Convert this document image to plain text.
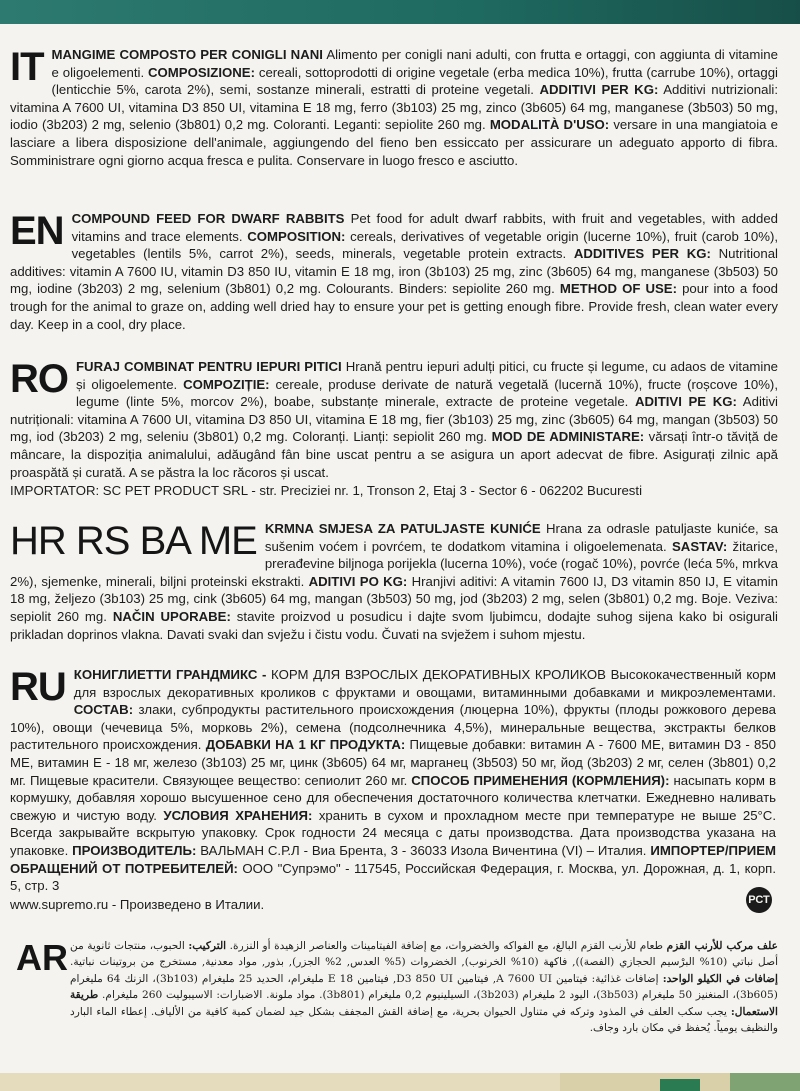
IT MANGIME COMPOSTO PER CONIGLI NANI Alimento per conigli nani adulti, con frutta e ortaggi, con aggiunta di vitamine e oligoelementi. COMPOSIZIONE: cereali, sottoprodotti di origine vegetale (erba medica 10%), frutta (carrube 10%), ortaggi (lenticchie 5%, carota 2%), semi, sostanze minerali, estratti di proteine vegetali. ADDITIVI PER KG: Additivi nutrizionali: vitamina A 7600 UI, vitamina D3 850 UI, vitamina E 18 mg, ferro (3b103) 25 mg, zinco (3b605) 64 mg, manganese (3b503) 50 mg, iodio (3b203) 2 mg, selenio (3b801) 0,2 mg. Coloranti. Leganti: sepiolite 260 mg. MODALITÀ D'USO: versare in una mangiatoia e lasciare a libera disposizione dell'animale, aggiungendo del fieno ben essiccato per assicurare un adeguato apporto di fibra. Somministrare ogni giorno acqua fresca e pulita. Conservare in luogo fresco e asciutto.
EN COMPOUND FEED FOR DWARF RABBITS Pet food for adult dwarf rabbits, with fruit and vegetables, with added vitamins and trace elements. COMPOSITION: cereals, derivatives of vegetable origin (lucerne 10%), fruit (carob 10%), vegetables (lentils 5%, carrot 2%), seeds, minerals, vegetable protein extracts. ADDITIVES PER KG: Nutritional additives: vitamin A 7600 IU, vitamin D3 850 IU, vitamin E 18 mg, iron (3b103) 25 mg, zinc (3b605) 64 mg, manganese (3b503) 50 mg, iodine (3b203) 2 mg, selenium (3b801) 0,2 mg. Colourants. Binders: sepiolite 260 mg. METHOD OF USE: pour into a food trough for the animal to graze on, adding well dried hay to ensure your pet is getting enough fibre. Provide fresh, clean water every day. Keep in a cool, dry place.
RO FURAJ COMBINAT PENTRU IEPURI PITICI Hrană pentru iepuri adulți pitici, cu fructe și legume, cu adaos de vitamine și oligoelemente. COMPOZIȚIE: cereale, produse derivate de natură vegetală (lucernă 10%), fructe (roșcove 10%), legume (linte 5%, morcov 2%), boabe, substanțe minerale, extracte de proteine vegetale. ADITIVI PE KG: Aditivi nutriționali: vitamina A 7600 UI, vitamina D3 850 UI, vitamina E 18 mg, fier (3b103) 25 mg, zinc (3b605) 64 mg, mangan (3b503) 50 mg, iod (3b203) 2 mg, seleniu (3b801) 0,2 mg. Coloranți. Lianți: sepiolit 260 mg. MOD DE ADMINISTARE: vărsați într-o tăviță de mâncare, la dispoziția animalului, adăugând fân bine uscat pentru a se asigura un aport adecvat de fibre. Asigurați zilnic apă proaspătă și curată. A se păstra la loc răcoros și uscat.
IMPORTATOR: SC PET PRODUCT SRL - str. Preciziei nr. 1, Tronson 2, Etaj 3 - Sector 6 - 062202 Bucuresti
HR RS BA ME KRMNA SMJESA ZA PATULJASTE KUNIĆE Hrana za odrasle patuljaste kuniće, sa sušenim voćem i povrćem, te dodatkom vitamina i oligoelemenata. SASTAV: žitarice, prerađevine biljnoga porijekla (lucerna 10%), voće (rogač 10%), povrće (leća 5%, mrkva 2%), sjemenke, minerali, biljni proteinski ekstrakti. ADITIVI PO KG: Hranjivi aditivi: A vitamin 7600 IJ, D3 vitamin 850 IJ, E vitamin 18 mg, željezo (3b103) 25 mg, cink (3b605) 64 mg, mangan (3b503) 50 mg, jod (3b203) 2 mg, selen (3b801) 0,2 mg. Boje. Veziva: sepiolit 260 mg. NAČIN UPORABE: stavite proizvod u posudicu i dajte svom ljubimcu, dodajte suhog sijena kako bi osigurali prikladan doprinos vlakna. Davati svaki dan svježu i čistu vodu. Čuvati na svježem i suhom mjestu.
RU КОНИГЛИЕТТИ ГРАНДМИКС - КОРМ ДЛЯ ВЗРОСЛЫХ ДЕКОРАТИВНЫХ КРОЛИКОВ Высококачественный корм для взрослых декоративных кроликов с фруктами и овощами, витаминными добавками и микроэлементами. СОСТАВ: злаки, субпродукты растительного происхождения (люцерна 10%), фрукты (плоды рожкового дерева 10%), овощи (чечевица 5%, морковь 2%), семена (подсолнечника 4,5%), минеральные вещества, экстракты белков растительного происхождения. ДОБАВКИ НА 1 КГ ПРОДУКТА: Пищевые добавки: витамин А - 7600 МЕ, витамин D3 - 850 МЕ, витамин Е - 18 мг, железо (3b103) 25 мг, цинк (3b605) 64 мг, марганец (3b503) 50 мг, йод (3b203) 2 мг, селен (3b801) 0,2 мг. Пищевые красители. Связующее вещество: сепиолит 260 мг. СПОСОБ ПРИМЕНЕНИЯ (КОРМЛЕНИЯ): насыпать корм в кормушку, добавляя хорошо высушенное сено для обеспечения достаточного количества клетчатки. Ежедневно наливать свежую и чистую воду. УСЛОВИЯ ХРАНЕНИЯ: хранить в сухом и прохладном месте при температуре не выше 25°С. Всегда закрывайте вскрытую упаковку. Срок годности 24 месяца с даты производства. Дата производства указана на упаковке. ПРОИЗВОДИТЕЛЬ: ВАЛЬМАН С.Р.Л - Виа Брента, 3 - 36033 Изола Вичентина (VI) – Италия. ИМПОРТЕР/ПРИЕМ ОБРАЩЕНИЙ ОТ ПОТРЕБИТЕЛЕЙ: ООО "Супрэмо" - 117545, Российская Федерация, г. Москва, ул. Дорожная, д. 1, корп. 5, стр. 3
www.supremo.ru - Произведено в Италии.	РСТ
AR	علف مركب للأرنب القزم طعام للأرنب القزم البالغ، مع الفواكه والخضروات، مع إضافة الفيتامينات والعناصر الزهيدة أو النزرة. التركيب: الحبوب، منتجات ثانوية من أصل نباتي (10% البرْسيم الحجازي (الفصة)), فاكهة (10% الخرنوب), الخضروات (5% العدس, 2% الجزر), بذور, مواد معدنية, مستخرج من بروتينات نباتية. إضافات في الكيلو الواحد: إضافات غذائية: فيتامين A 7600 UI, فيتامين D3 850 UI, فيتامين E 18 مليغرام، الحديد 25 مليغرام (3b103)، الزنك 64 مليغرام (3b605)، المنغنيز 50 مليغرام (3b503)، اليود 2 مليغرام (3b203)، السيلينيوم 0,2 مليغرام (3b801). مواد ملونة. الاضبارات: الاسيبوليت 260 مليغرام. طريقة الاستعمال: يجب سكب العلف في المذود وتركه في متناول الحيوان بحرية، مع إضافة القش المجفف بشكل جيد لضمان كمية كافية من الألياف. إعطاء الماء البارد والنظيف يومياً. يُحفظ في مكان بارد وجاف.
